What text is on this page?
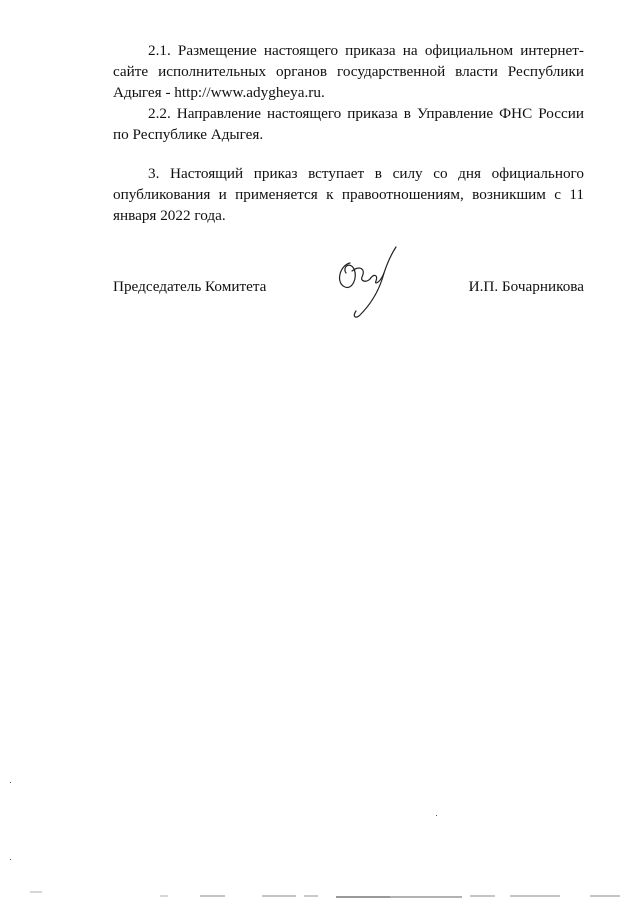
2.1. Размещение настоящего приказа на официальном интернет-сайте исполнительных органов государственной власти Республики Адыгея - http://www.adygheya.ru.

2.2. Направление настоящего приказа в Управление ФНС России по Республике Адыгея.

3. Настоящий приказ вступает в силу со дня официального опубликования и применяется к правоотношениям, возникшим с 11 января 2022 года.

Председатель Комитета	И.П. Бочарникова
